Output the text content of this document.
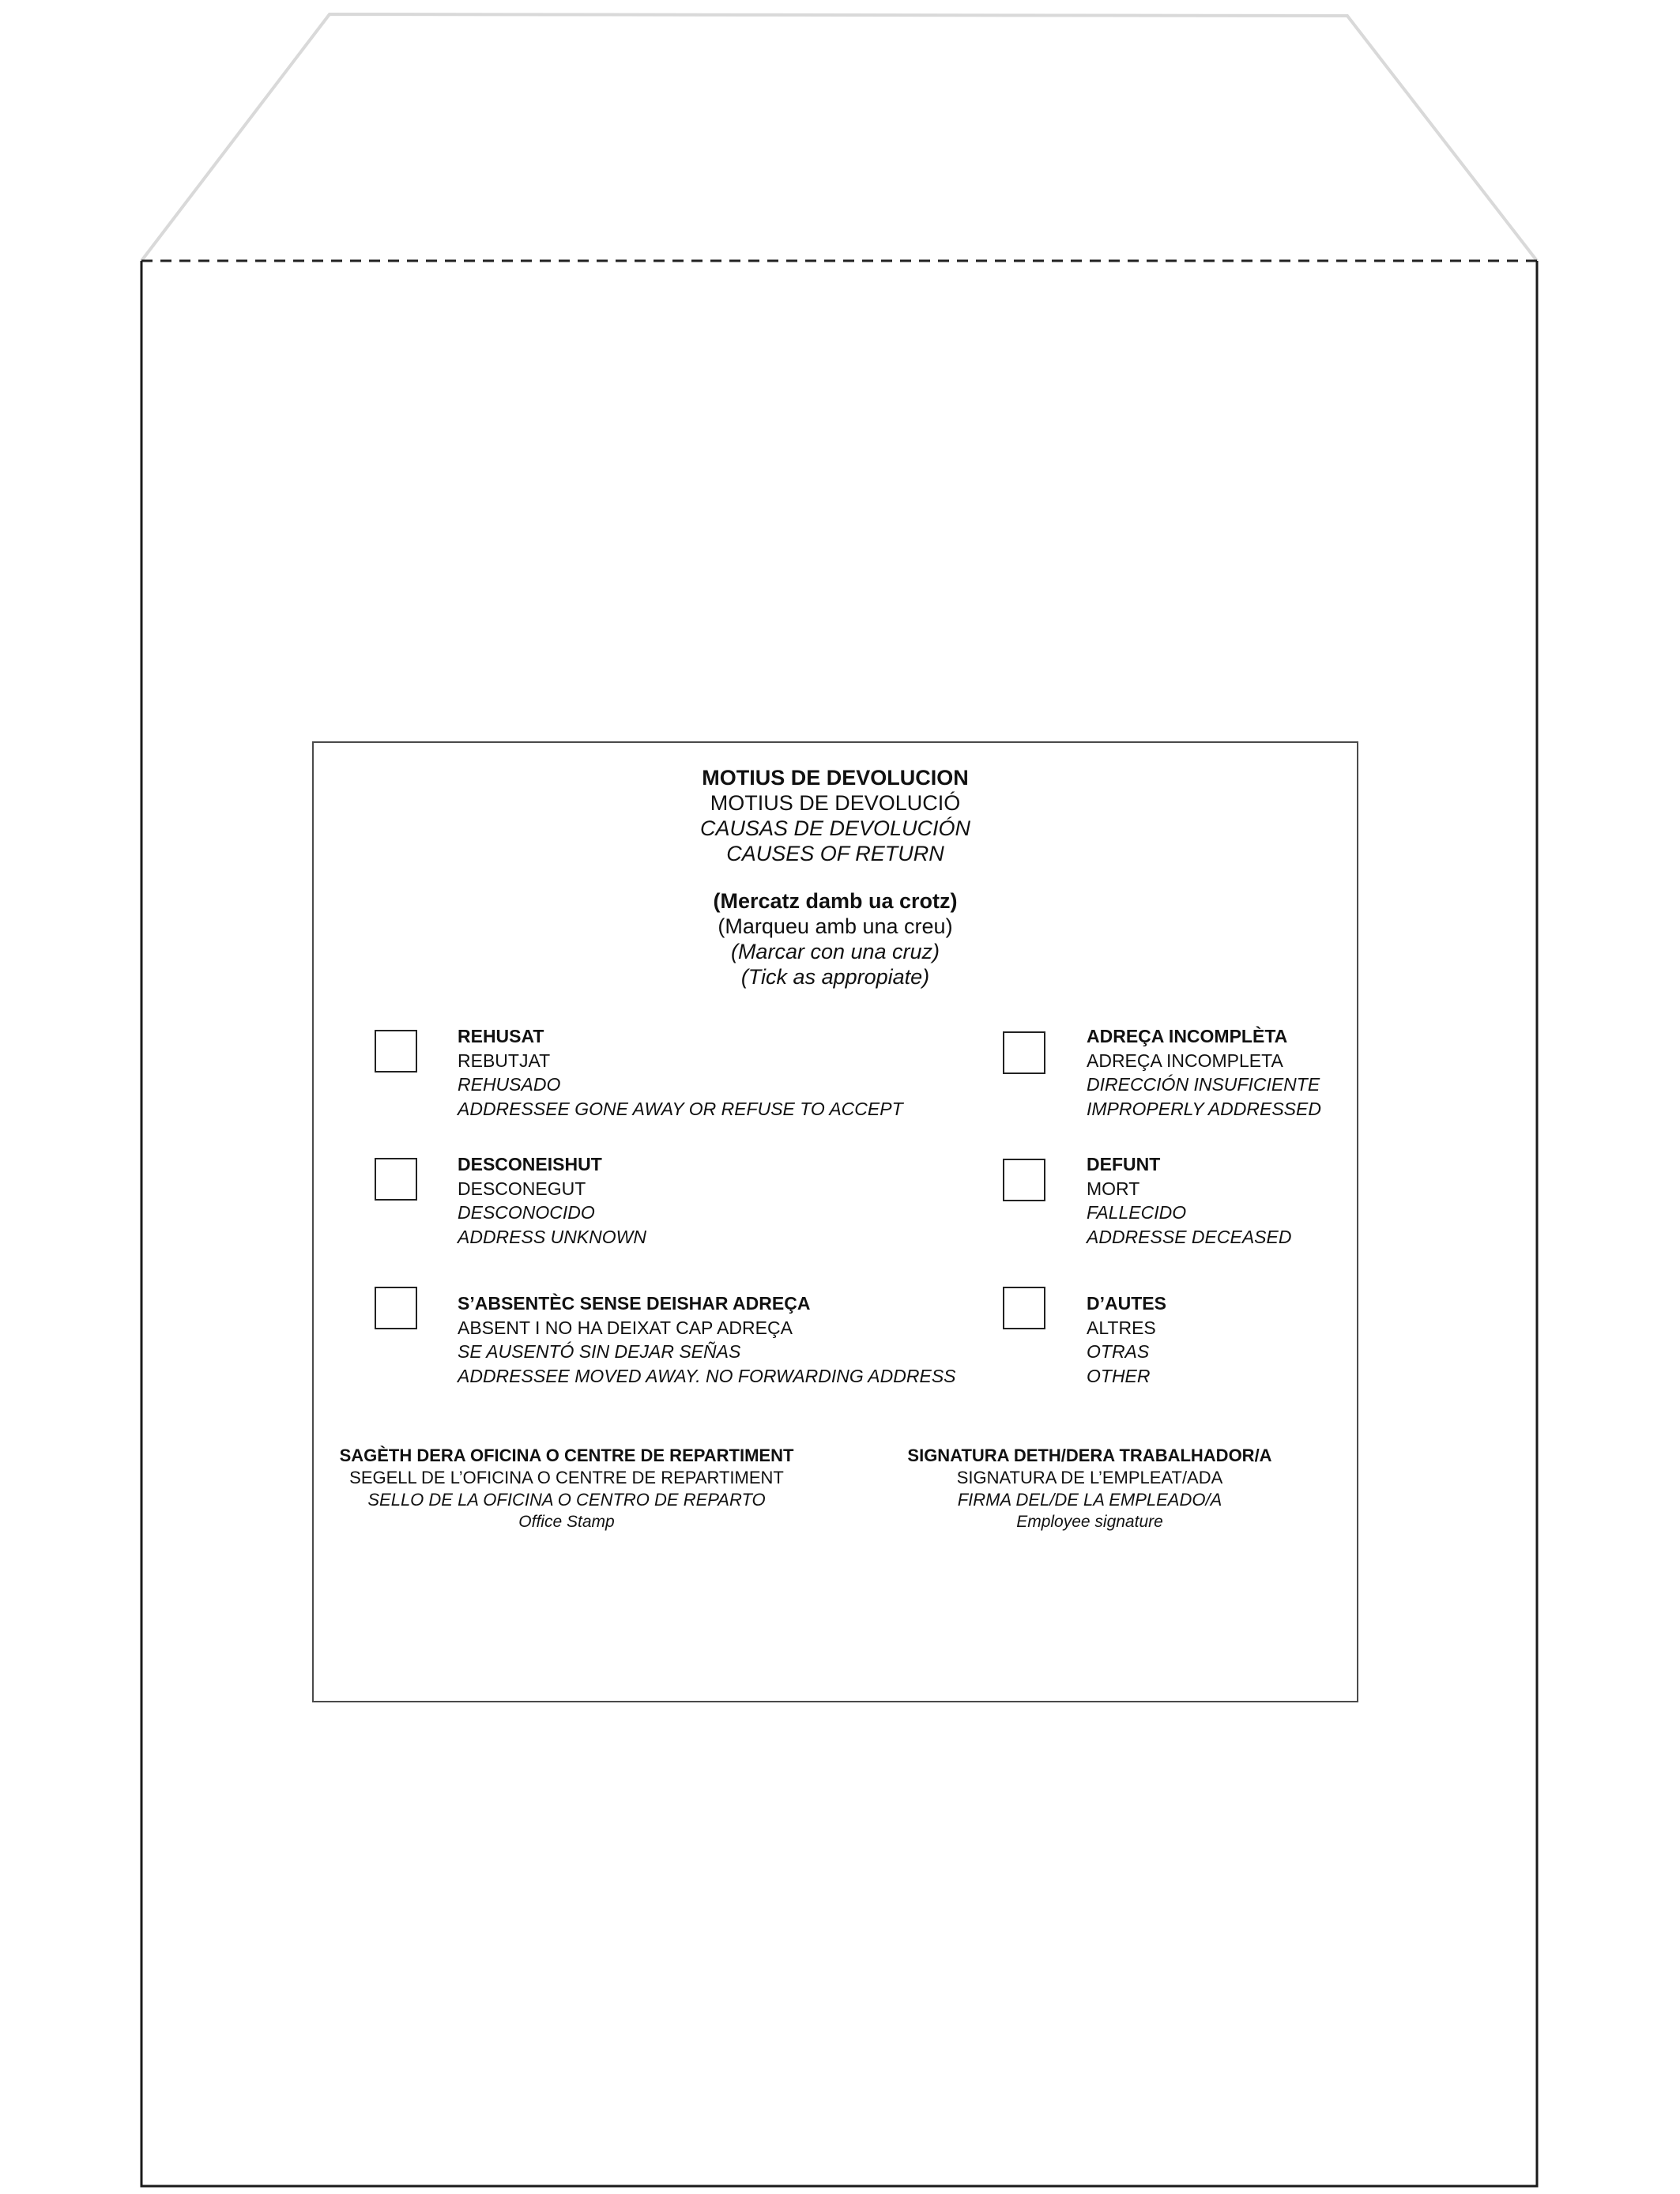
MOTIUS DE DEVOLUCION
MOTIUS DE DEVOLUCIÓ
CAUSAS DE DEVOLUCIÓN
CAUSES OF RETURN
(Mercatz damb ua crotz)
(Marqueu amb una creu)
(Marcar con una cruz)
(Tick as appropiate)
REHUSAT
REBUTJAT
REHUSADO
ADDRESSEE GONE AWAY OR REFUSE TO ACCEPT
DESCONEISHUT
DESCONEGUT
DESCONOCIDO
ADDRESS UNKNOWN
S’ABSENTÈC SENSE DEISHAR ADREÇA
ABSENT I NO HA DEIXAT CAP ADREÇA
SE AUSENTÓ SIN DEJAR SEÑAS
ADDRESSEE MOVED AWAY. NO FORWARDING ADDRESS
ADREÇA INCOMPLÈTA
ADREÇA INCOMPLETA
DIRECCIÓN INSUFICIENTE
IMPROPERLY ADDRESSED
DEFUNT
MORT
FALLECIDO
ADDRESSE DECEASED
D’AUTES
ALTRES
OTRAS
OTHER
SAGÈTH DERA OFICINA O CENTRE DE REPARTIMENT
SEGELL DE L’OFICINA O CENTRE DE REPARTIMENT
SELLO DE LA OFICINA O CENTRO DE REPARTO
Office Stamp
SIGNATURA DETH/DERA TRABALHADOR/A
SIGNATURA DE L’EMPLEAT/ADA
FIRMA DEL/DE LA EMPLEADO/A
Employee signature
